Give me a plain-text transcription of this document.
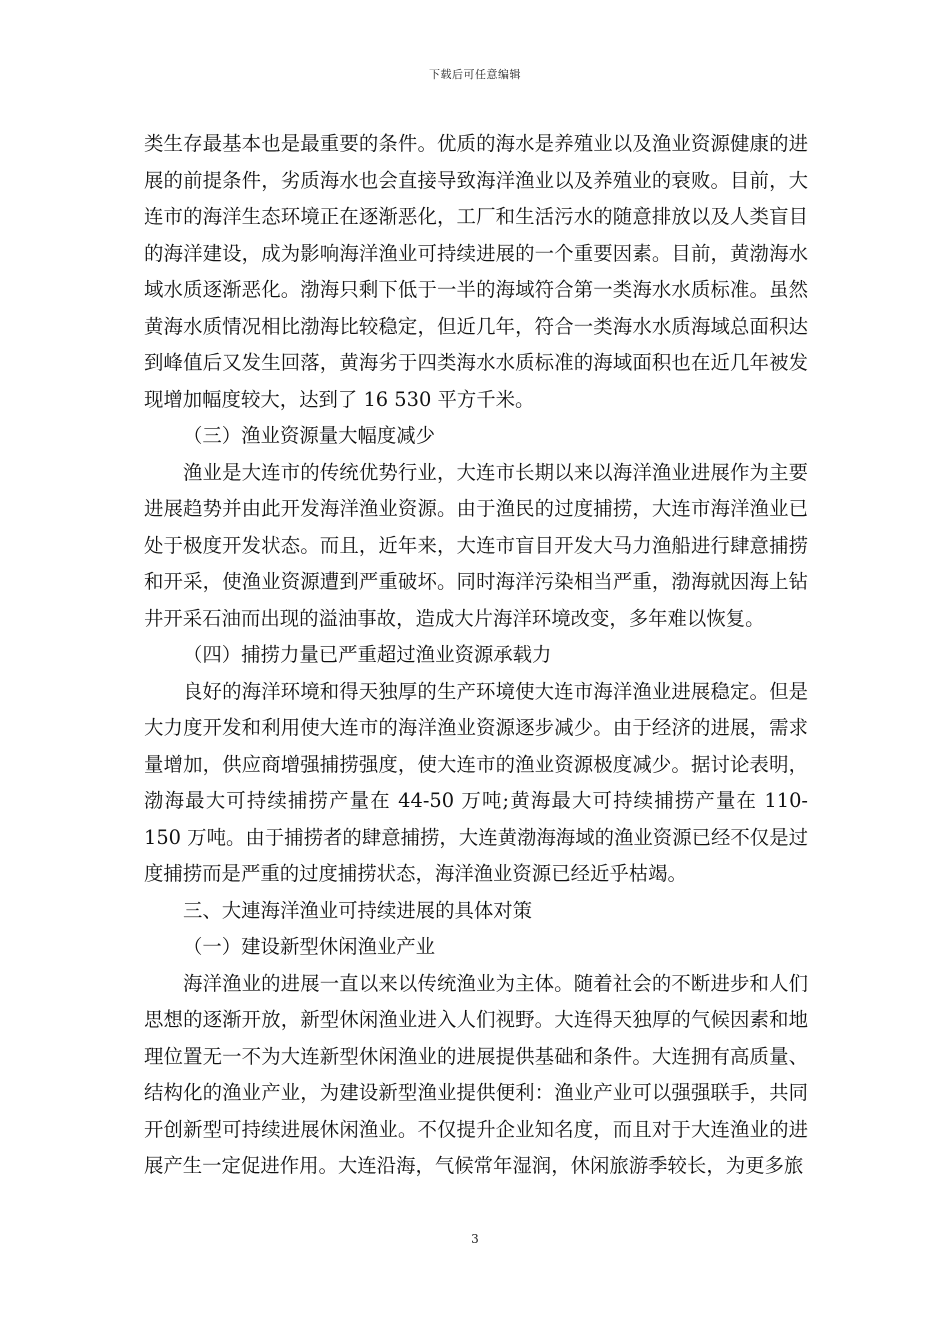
下载后可任意编辑

类生存最基本也是最重要的条件。优质的海水是养殖业以及渔业资源健康的进展的前提条件，劣质海水也会直接导致海洋渔业以及养殖业的衰败。目前，大连市的海洋生态环境正在逐渐恶化，工厂和生活污水的随意排放以及人类盲目的海洋建设，成为影响海洋渔业可持续进展的一个重要因素。目前，黄渤海水域水质逐渐恶化。渤海只剩下低于一半的海域符合第一类海水水质标准。虽然黄海水质情况相比渤海比较稳定，但近几年，符合一类海水水质海域总面积达到峰值后又发生回落，黄海劣于四类海水水质标准的海域面积也在近几年被发现增加幅度较大，达到了 16 530 平方千米。

（三）渔业资源量大幅度减少

渔业是大连市的传统优势行业，大连市长期以来以海洋渔业进展作为主要进展趋势并由此开发海洋渔业资源。由于渔民的过度捕捞，大连市海洋渔业已处于极度开发状态。而且，近年来，大连市盲目开发大马力渔船进行肆意捕捞和开采，使渔业资源遭到严重破坏。同时海洋污染相当严重，渤海就因海上钻井开采石油而出现的溢油事故，造成大片海洋环境改变，多年难以恢复。

（四）捕捞力量已严重超过渔业资源承载力

良好的海洋环境和得天独厚的生产环境使大连市海洋渔业进展稳定。但是大力度开发和利用使大连市的海洋渔业资源逐步减少。由于经济的进展，需求量增加，供应商增强捕捞强度，使大连市的渔业资源极度减少。据讨论表明，渤海最大可持续捕捞产量在 44-50 万吨;黄海最大可持续捕捞产量在 110-150 万吨。由于捕捞者的肆意捕捞，大连黄渤海海域的渔业资源已经不仅是过度捕捞而是严重的过度捕捞状态，海洋渔业资源已经近乎枯竭。

三、大連海洋渔业可持续进展的具体对策

（一）建设新型休闲渔业产业

海洋渔业的进展一直以来以传统渔业为主体。随着社会的不断进步和人们思想的逐渐开放，新型休闲渔业进入人们视野。大连得天独厚的气候因素和地理位置无一不为大连新型休闲渔业的进展提供基础和条件。大连拥有高质量、结构化的渔业产业，为建设新型渔业提供便利：渔业产业可以强强联手，共同开创新型可持续进展休闲渔业。不仅提升企业知名度，而且对于大连渔业的进展产生一定促进作用。大连沿海，气候常年湿润，休闲旅游季较长，为更多旅

3
